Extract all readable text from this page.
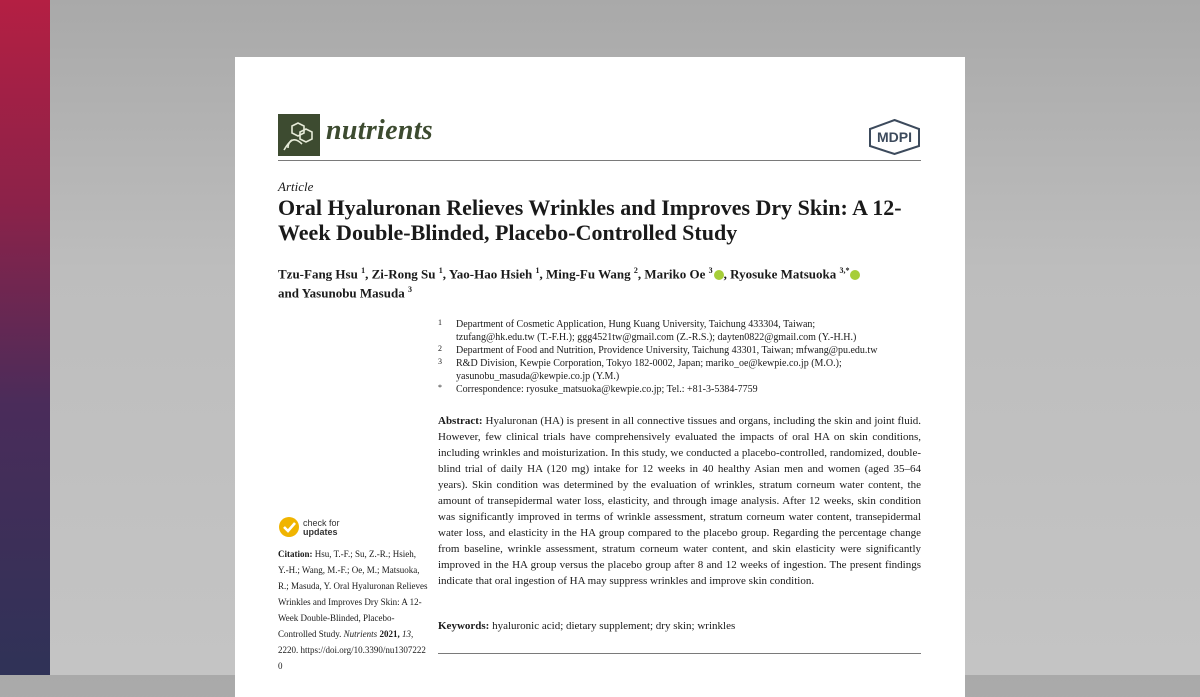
nutrients	MDPI
Article
Oral Hyaluronan Relieves Wrinkles and Improves Dry Skin: A 12-Week Double-Blinded, Placebo-Controlled Study
Tzu-Fang Hsu $^1$, Zi-Rong Su $^1$, Yao-Hao Hsieh $^1$, Ming-Fu Wang $^2$, Mariko Oe $^3$ , Ryosuke Matsuoka $^{3,*}$
and Yasunobu Masuda $^3$
1 Department of Cosmetic Application, Hung Kuang University, Taichung 433304, Taiwan;
tzufang@hk.edu.tw (T.-F.H.); ggg4521tw@gmail.com (Z.-R.S.); dayten0822@gmail.com (Y.-H.H.)
2 Department of Food and Nutrition, Providence University, Taichung 43301, Taiwan; mfwang@pu.edu.tw
3 R&D Division, Kewpie Corporation, Tokyo 182-0002, Japan; mariko_oe@kewpie.co.jp (M.O.);
yasunobu_masuda@kewpie.co.jp (Y.M.)
* Correspondence: ryosuke_matsuoka@kewpie.co.jp; Tel.: +81-3-5384-7759

Abstract: Hyaluronan (HA) is present in all connective tissues and organs, including the skin and joint fluid. However, few clinical trials have comprehensively evaluated the impacts of oral HA on skin conditions, including wrinkles and moisturization. In this study, we conducted a placebo-controlled, randomized, double-blind trial of daily HA (120 mg) intake for 12 weeks in 40 healthy Asian men and women (aged 35–64 years). Skin condition was determined by the evaluation of wrinkles, stratum corneum water content, the amount of transepidermal water loss, elasticity, and through image analysis. After 12 weeks, skin condition was significantly improved in terms of wrinkle assessment, stratum corneum water content, transepidermal water loss, and elasticity in the HA group compared to the placebo group. Regarding the percentage change from baseline, wrinkle assessment, stratum corneum water content, and skin elasticity were significantly improved in the HA group versus the placebo group after 8 and 12 weeks of ingestion. The present findings indicate that oral ingestion of HA may suppress wrinkles and improve skin condition.

Keywords: hyaluronic acid; dietary supplement; dry skin; wrinkles
check for
updates
Citation: Hsu, T.-F.; Su, Z.-R.; Hsieh, Y.-H.; Wang, M.-F.; Oe, M.; Matsuoka, R.; Masuda, Y. Oral Hyaluronan Relieves Wrinkles and Improves Dry Skin: A 12-Week Double-Blinded, Placebo-Controlled Study. Nutrients 2021, 13, 2220. https://doi.org/10.3390/nu13072220
